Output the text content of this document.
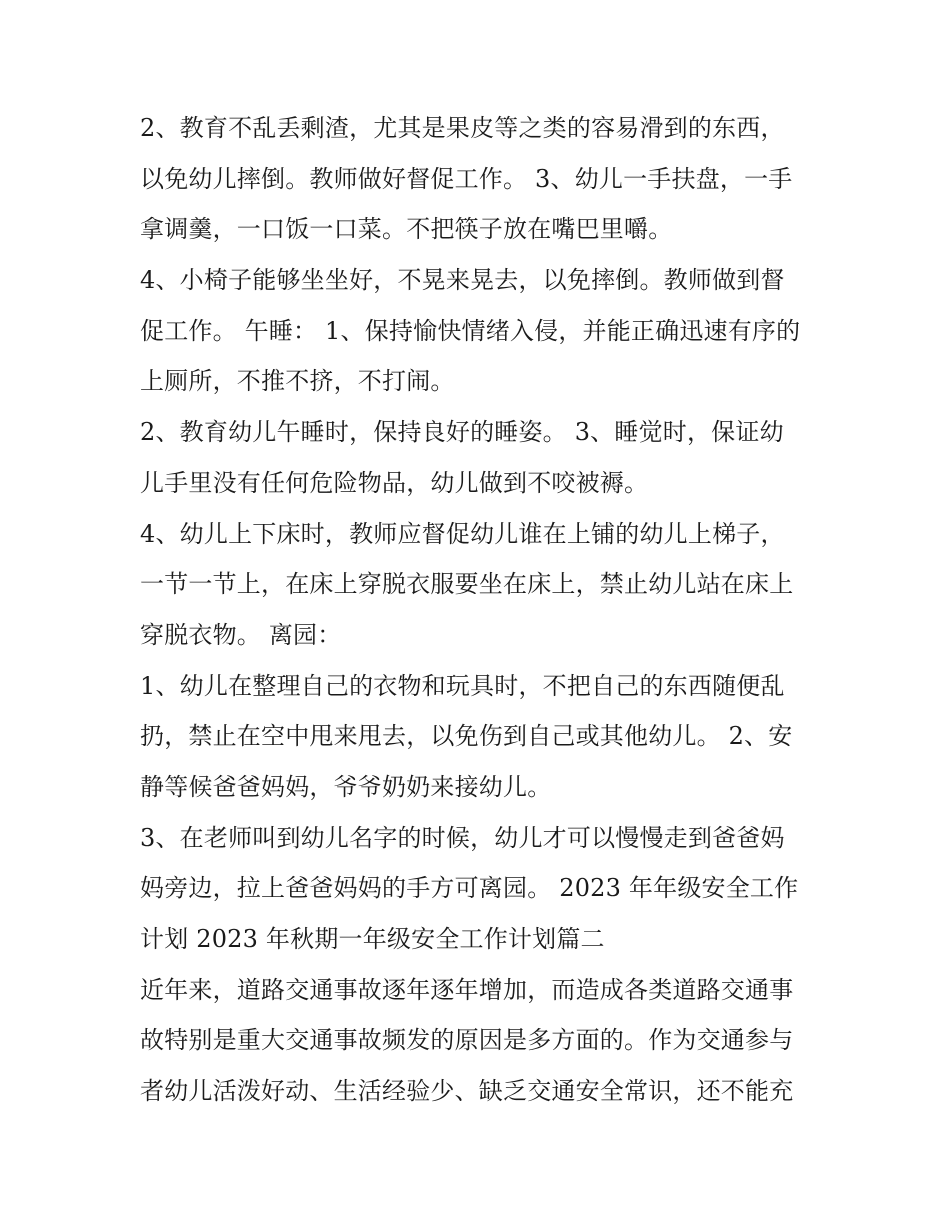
2、教育不乱丢剩渣，尤其是果皮等之类的容易滑到的东西，
以免幼儿摔倒。教师做好督促工作。 3、幼儿一手扶盘，一手
拿调羹，一口饭一口菜。不把筷子放在嘴巴里嚼。
4、小椅子能够坐坐好，不晃来晃去，以免摔倒。教师做到督
促工作。 午睡： 1、保持愉快情绪入侵，并能正确迅速有序的
上厕所，不推不挤，不打闹。
2、教育幼儿午睡时，保持良好的睡姿。 3、睡觉时，保证幼
儿手里没有任何危险物品，幼儿做到不咬被褥。
4、幼儿上下床时，教师应督促幼儿谁在上铺的幼儿上梯子，
一节一节上，在床上穿脱衣服要坐在床上，禁止幼儿站在床上
穿脱衣物。 离园：
1、幼儿在整理自己的衣物和玩具时，不把自己的东西随便乱
扔，禁止在空中甩来甩去，以免伤到自己或其他幼儿。 2、安
静等候爸爸妈妈，爷爷奶奶来接幼儿。
3、在老师叫到幼儿名字的时候，幼儿才可以慢慢走到爸爸妈
妈旁边，拉上爸爸妈妈的手方可离园。 2023 年年级安全工作
计划 2023 年秋期一年级安全工作计划篇二
近年来，道路交通事故逐年逐年增加，而造成各类道路交通事
故特别是重大交通事故频发的原因是多方面的。作为交通参与
者幼儿活泼好动、生活经验少、缺乏交通安全常识，还不能充
